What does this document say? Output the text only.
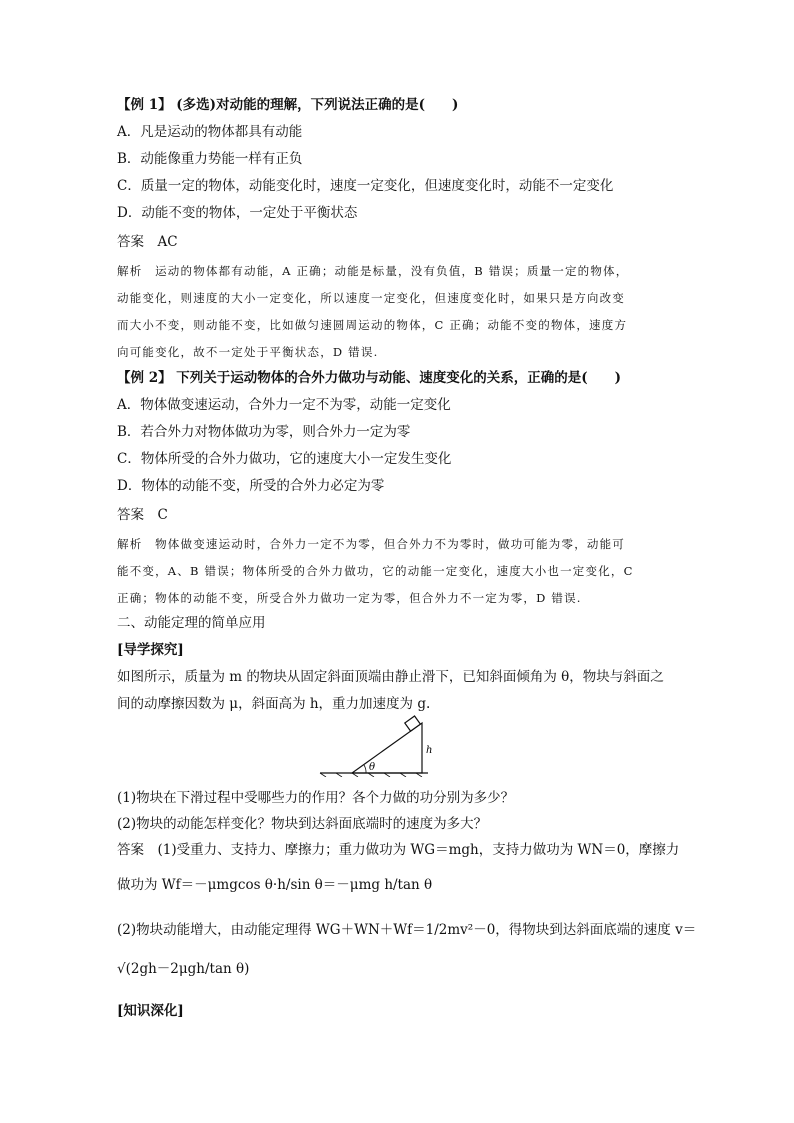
【例 1】 (多选)对动能的理解，下列说法正确的是(　　)
A．凡是运动的物体都具有动能
B．动能像重力势能一样有正负
C．质量一定的物体，动能变化时，速度一定变化，但速度变化时，动能不一定变化
D．动能不变的物体，一定处于平衡状态
答案　AC
解析　运动的物体都有动能，A 正确；动能是标量，没有负值，B 错误；质量一定的物体，
动能变化，则速度的大小一定变化，所以速度一定变化，但速度变化时，如果只是方向改变
而大小不变，则动能不变，比如做匀速圆周运动的物体，C 正确；动能不变的物体，速度方
向可能变化，故不一定处于平衡状态，D 错误.
【例 2】 下列关于运动物体的合外力做功与动能、速度变化的关系，正确的是(　　)
A．物体做变速运动，合外力一定不为零，动能一定变化
B．若合外力对物体做功为零，则合外力一定为零
C．物体所受的合外力做功，它的速度大小一定发生变化
D．物体的动能不变，所受的合外力必定为零
答案　C
解析　物体做变速运动时，合外力一定不为零，但合外力不为零时，做功可能为零，动能可
能不变，A、B 错误；物体所受的合外力做功，它的动能一定变化，速度大小也一定变化，C
正确；物体的动能不变，所受合外力做功一定为零，但合外力不一定为零，D 错误.
二、动能定理的简单应用
[导学探究]
如图所示，质量为 m 的物块从固定斜面顶端由静止滑下，已知斜面倾角为 θ，物块与斜面之
间的动摩擦因数为 μ，斜面高为 h，重力加速度为 g.
θ
h
(1)物块在下滑过程中受哪些力的作用？各个力做的功分别为多少？
(2)物块的动能怎样变化？物块到达斜面底端时的速度为多大？
答案　(1)受重力、支持力、摩擦力；重力做功为 WG＝mgh，支持力做功为 WN＝0，摩擦力
做功为 Wf＝－μmgcos θ·h/sin θ＝－μmg h/tan θ
(2)物块动能增大，由动能定理得 WG＋WN＋Wf＝1/2mv²－0，得物块到达斜面底端的速度 v＝
√(2gh－2μgh/tan θ)
[知识深化]
